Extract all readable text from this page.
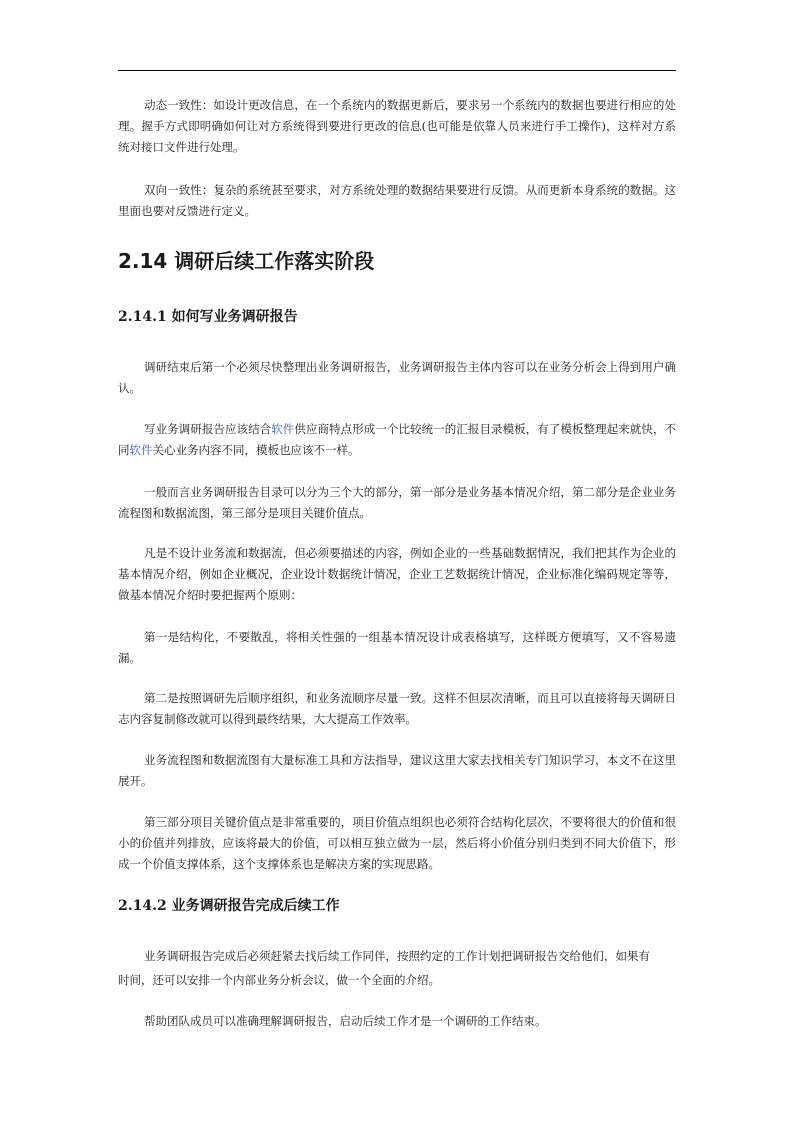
动态一致性：如设计更改信息，在一个系统内的数据更新后，要求另一个系统内的数据也要进行相应的处理。握手方式即明确如何让对方系统得到要进行更改的信息(也可能是依靠人员来进行手工操作)，这样对方系统对接口文件进行处理。

双向一致性：复杂的系统甚至要求，对方系统处理的数据结果要进行反馈。从而更新本身系统的数据。这里面也要对反馈进行定义。

2.14 调研后续工作落实阶段
2.14.1 如何写业务调研报告

调研结束后第一个必须尽快整理出业务调研报告，业务调研报告主体内容可以在业务分析会上得到用户确认。

写业务调研报告应该结合软件供应商特点形成一个比较统一的汇报目录模板，有了模板整理起来就快，不同软件关心业务内容不同，模板也应该不一样。

一般而言业务调研报告目录可以分为三个大的部分，第一部分是业务基本情况介绍，第二部分是企业业务流程图和数据流图，第三部分是项目关键价值点。

凡是不设计业务流和数据流，但必须要描述的内容，例如企业的一些基础数据情况，我们把其作为企业的基本情况介绍，例如企业概况，企业设计数据统计情况，企业工艺数据统计情况，企业标准化编码规定等等，做基本情况介绍时要把握两个原则：

第一是结构化，不要散乱，将相关性强的一组基本情况设计成表格填写，这样既方便填写，又不容易遗漏。

第二是按照调研先后顺序组织，和业务流顺序尽量一致。这样不但层次清晰，而且可以直接将每天调研日志内容复制修改就可以得到最终结果，大大提高工作效率。

业务流程图和数据流图有大量标准工具和方法指导，建议这里大家去找相关专门知识学习，本文不在这里展开。

第三部分项目关键价值点是非常重要的，项目价值点组织也必须符合结构化层次，不要将很大的价值和很小的价值并列排放，应该将最大的价值，可以相互独立做为一层，然后将小价值分别归类到不同大价值下，形成一个价值支撑体系，这个支撑体系也是解决方案的实现思路。

2.14.2 业务调研报告完成后续工作

业务调研报告完成后必须赶紧去找后续工作同伴，按照约定的工作计划把调研报告交给他们，如果有

时间，还可以安排一个内部业务分析会议，做一个全面的介绍。

帮助团队成员可以准确理解调研报告，启动后续工作才是一个调研的工作结束。
